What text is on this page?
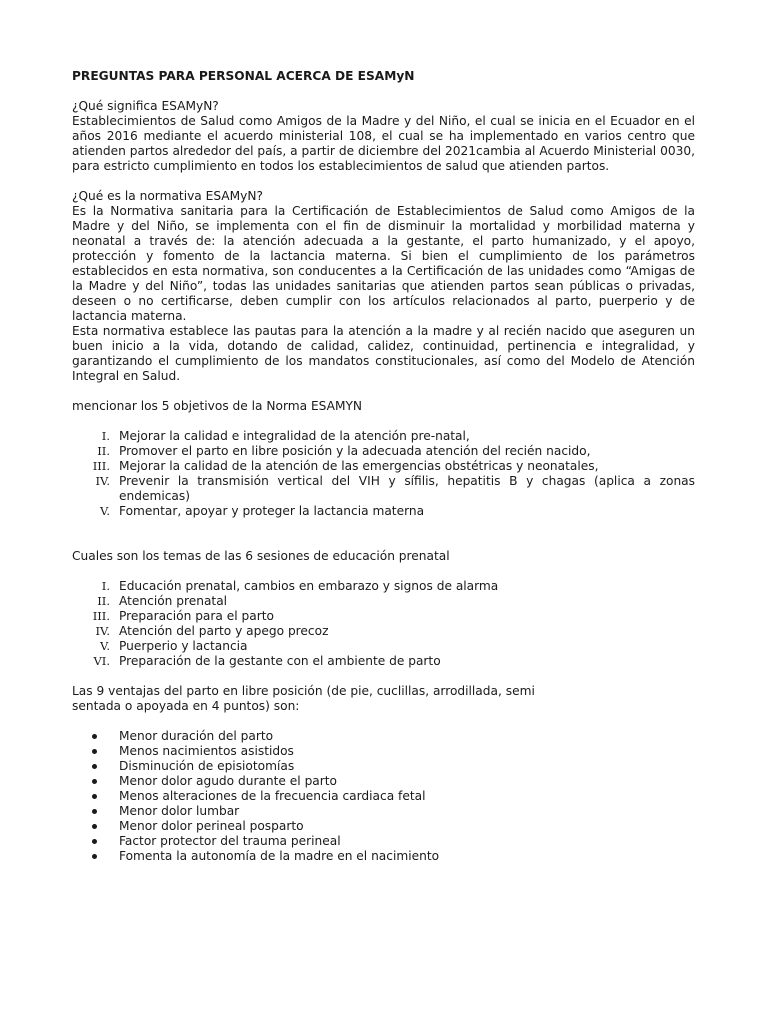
PREGUNTAS PARA PERSONAL ACERCA DE ESAMyN

¿Qué significa ESAMyN?

Establecimientos de Salud como Amigos de la Madre y del Niño, el cual se inicia en el Ecuador en el años 2016 mediante el acuerdo ministerial 108, el cual se ha implementado en varios centro que atienden partos alrededor del país, a partir de diciembre del 2021cambia al Acuerdo Ministerial 0030, para estricto cumplimiento en todos los establecimientos de salud que atienden partos.

¿Qué es la normativa ESAMyN?

Es la Normativa sanitaria para la Certificación de Establecimientos de Salud como Amigos de la Madre y del Niño, se implementa con el fin de disminuir la mortalidad y morbilidad materna y neonatal a través de: la atención adecuada a la gestante, el parto humanizado, y el apoyo, protección y fomento de la lactancia materna. Si bien el cumplimiento de los parámetros establecidos en esta normativa, son conducentes a la Certificación de las unidades como “Amigas de la Madre y del Niño”, todas las unidades sanitarias que atienden partos sean públicas o privadas, deseen o no certificarse, deben cumplir con los artículos relacionados al parto, puerperio y de lactancia materna.

Esta normativa establece las pautas para la atención a la madre y al recién nacido que aseguren un buen inicio a la vida, dotando de calidad, calidez, continuidad, pertinencia e integralidad, y garantizando el cumplimiento de los mandatos constitucionales, así como del Modelo de Atención Integral en Salud.

mencionar los 5 objetivos de la Norma ESAMYN

I. Mejorar la calidad e integralidad de la atención pre-natal,
II. Promover el parto en libre posición y la adecuada atención del recién nacido,
III. Mejorar la calidad de la atención de las emergencias obstétricas y neonatales,
IV. Prevenir la transmisión vertical del VIH y sífilis, hepatitis B y chagas (aplica a zonas endemicas)
V. Fomentar, apoyar y proteger la lactancia materna

Cuales son los temas de las 6 sesiones de educación prenatal

I. Educación prenatal, cambios en embarazo y signos de alarma
II. Atención prenatal
III. Preparación para el parto
IV. Atención del parto y apego precoz
V. Puerperio y lactancia
VI. Preparación de la gestante con el ambiente de parto

Las 9 ventajas del parto en libre posición (de pie, cuclillas, arrodillada, semi

sentada o apoyada en 4 puntos) son:

Menor duración del parto
Menos nacimientos asistidos
Disminución de episiotomías
Menor dolor agudo durante el parto
Menos alteraciones de la frecuencia cardiaca fetal
Menor dolor lumbar
Menor dolor perineal posparto
Factor protector del trauma perineal
Fomenta la autonomía de la madre en el nacimiento
